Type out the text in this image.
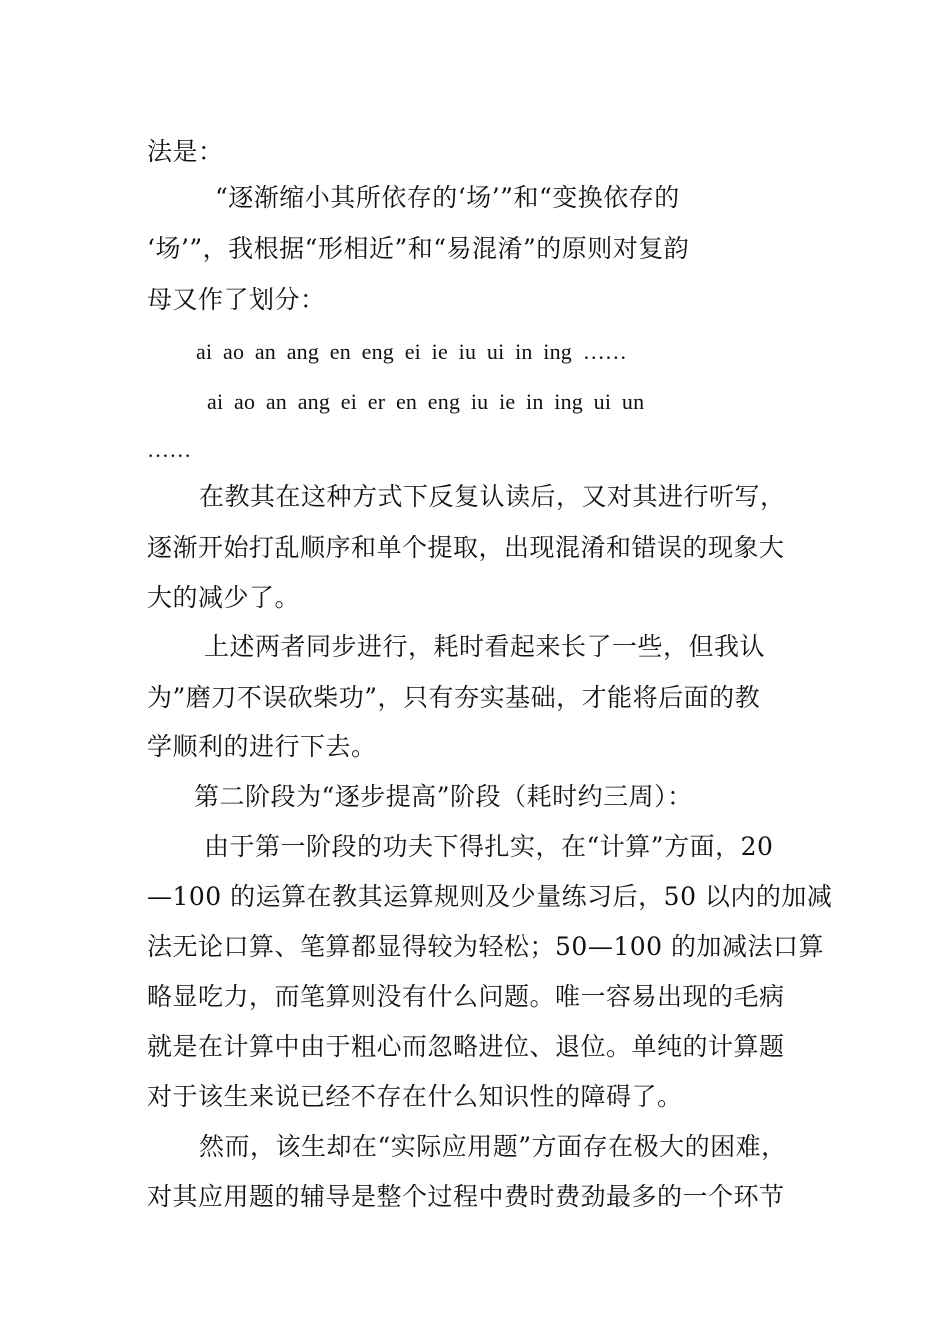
法是：
“逐渐缩小其所依存的‘场’”和“变换依存的
‘场’”，我根据“形相近”和“易混淆”的原则对复韵
母又作了划分：
ai ao an ang en eng ei ie iu ui in ing ……
ai ao an ang ei er en eng iu ie in ing ui un
……
在教其在这种方式下反复认读后，又对其进行听写，
逐渐开始打乱顺序和单个提取，出现混淆和错误的现象大
大的减少了。
上述两者同步进行，耗时看起来长了一些，但我认
为”磨刀不误砍柴功”，只有夯实基础，才能将后面的教
学顺利的进行下去。
第二阶段为“逐步提高”阶段（耗时约三周）：
由于第一阶段的功夫下得扎实，在“计算”方面，20
—100 的运算在教其运算规则及少量练习后，50 以内的加减
法无论口算、笔算都显得较为轻松；50—100 的加减法口算
略显吃力，而笔算则没有什么问题。唯一容易出现的毛病
就是在计算中由于粗心而忽略进位、退位。单纯的计算题
对于该生来说已经不存在什么知识性的障碍了。
然而，该生却在“实际应用题”方面存在极大的困难，
对其应用题的辅导是整个过程中费时费劲最多的一个环节
